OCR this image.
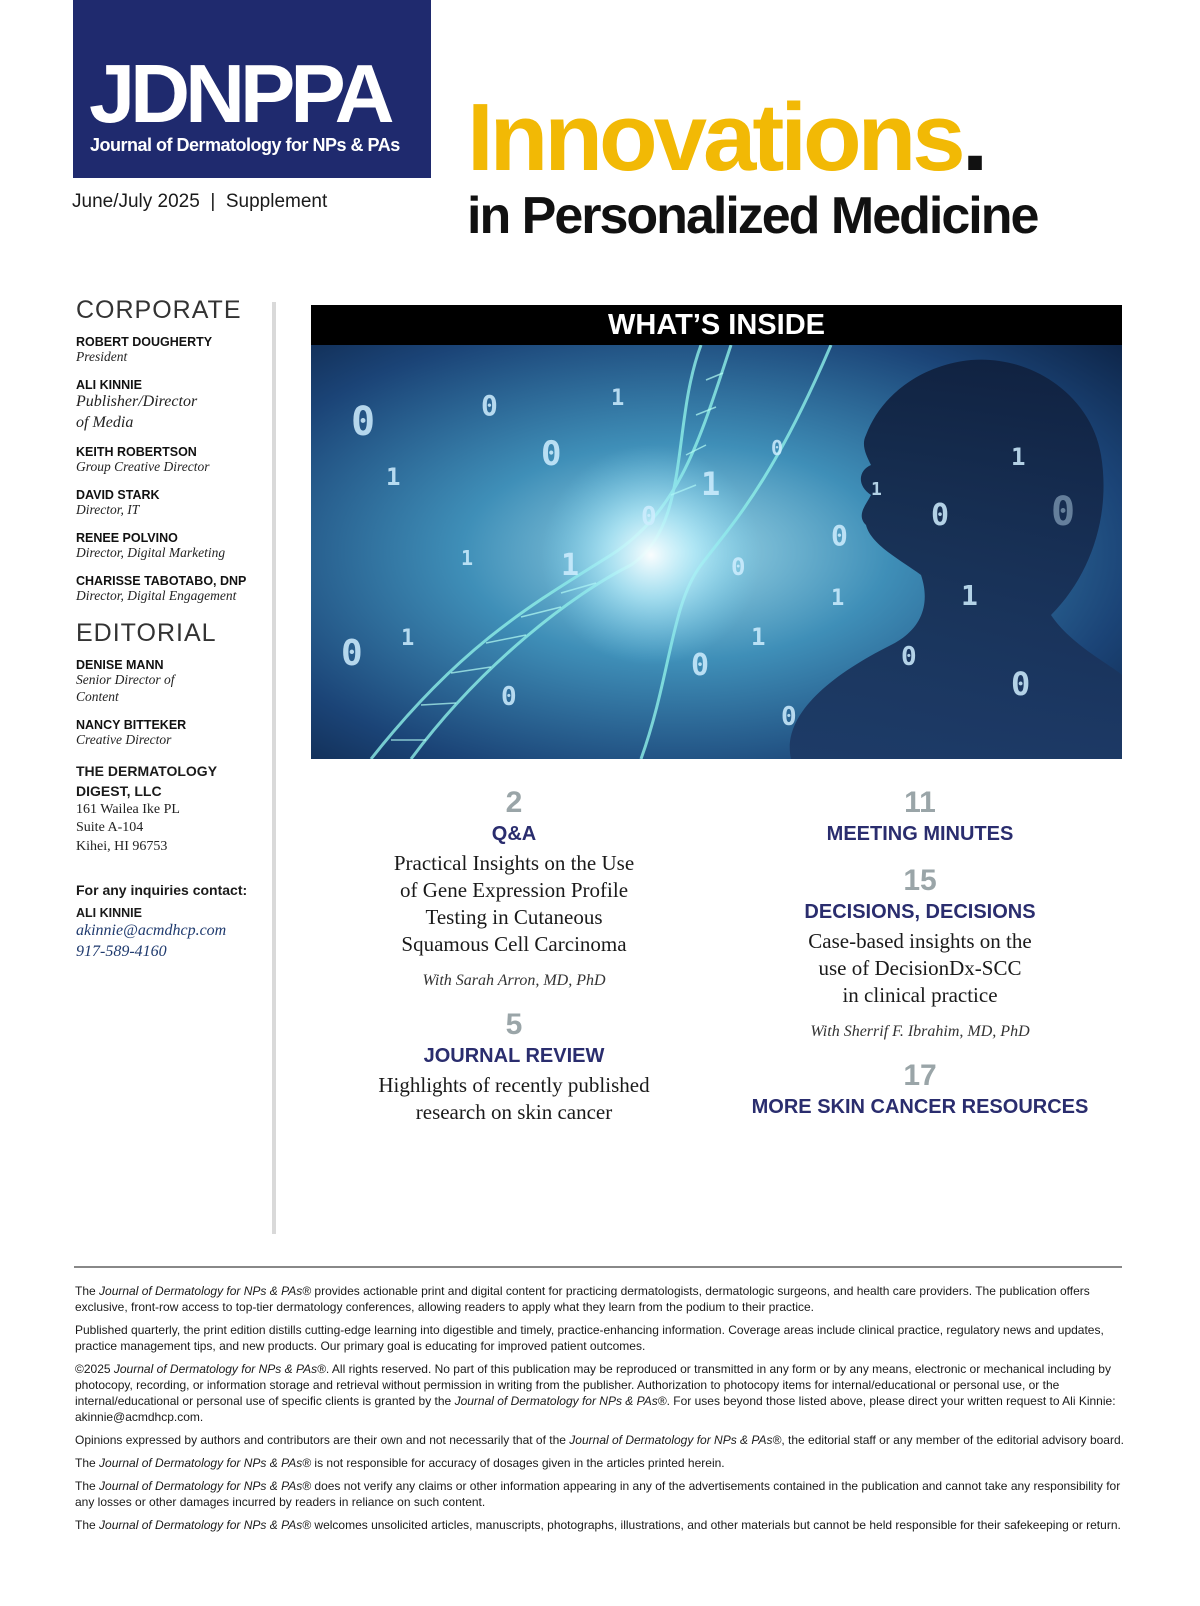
JDNPPA
Journal of Dermatology for NPs & PAs
June/July 2025  |  Supplement
Innovations.
in Personalized Medicine
CORPORATE
ROBERT DOUGHERTY
President
ALI KINNIE
Publisher/Director of Media
KEITH ROBERTSON
Group Creative Director
DAVID STARK
Director, IT
RENEE POLVINO
Director, Digital Marketing
CHARISSE TABOTABO, DNP
Director, Digital Engagement
EDITORIAL
DENISE MANN
Senior Director of Content
NANCY BITTEKER
Creative Director
THE DERMATOLOGY
DIGEST, LLC
161 Wailea Ike PL
Suite A-104
Kihei, HI 96753
For any inquiries contact:
ALI KINNIE
akinnie@acmdhcp.com
917-589-4160
WHAT’S INSIDE
0
1
0
0
1
0
1
1
0
0
0 1
0
0
1
0
1
0
1
1
0
0
1
1
0
0
2
Q&A
Practical Insights on the Use
of Gene Expression Profile
Testing in Cutaneous
Squamous Cell Carcinoma
With Sarah Arron, MD, PhD
5
JOURNAL REVIEW
Highlights of recently published
research on skin cancer
11
MEETING MINUTES
15
DECISIONS, DECISIONS
Case-based insights on the
use of DecisionDx-SCC
in clinical practice
With Sherrif F. Ibrahim, MD, PhD
17
MORE SKIN CANCER RESOURCES

The Journal of Dermatology for NPs & PAs® provides actionable print and digital content for practicing dermatologists, dermatologic surgeons, and health care providers. The publication offers exclusive, front-row access to top-tier dermatology conferences, allowing readers to apply what they learn from the podium to their practice.

Published quarterly, the print edition distills cutting-edge learning into digestible and timely, practice-enhancing information. Coverage areas include clinical practice, regulatory news and updates, practice management tips, and new products. Our primary goal is educating for improved patient outcomes.

©2025 Journal of Dermatology for NPs & PAs®. All rights reserved. No part of this publication may be reproduced or transmitted in any form or by any means, electronic or mechanical including by photocopy, recording, or information storage and retrieval without permission in writing from the publisher. Authorization to photocopy items for internal/educational or personal use, or the internal/educational or personal use of specific clients is granted by the Journal of Dermatology for NPs & PAs®. For uses beyond those listed above, please direct your written request to Ali Kinnie: akinnie@acmdhcp.com.

Opinions expressed by authors and contributors are their own and not necessarily that of the Journal of Dermatology for NPs & PAs®, the editorial staff or any member of the editorial advisory board.

The Journal of Dermatology for NPs & PAs® is not responsible for accuracy of dosages given in the articles printed herein.

The Journal of Dermatology for NPs & PAs® does not verify any claims or other information appearing in any of the advertisements contained in the publication and cannot take any responsibility for any losses or other damages incurred by readers in reliance on such content.

The Journal of Dermatology for NPs & PAs® welcomes unsolicited articles, manuscripts, photographs, illustrations, and other materials but cannot be held responsible for their safekeeping or return.
